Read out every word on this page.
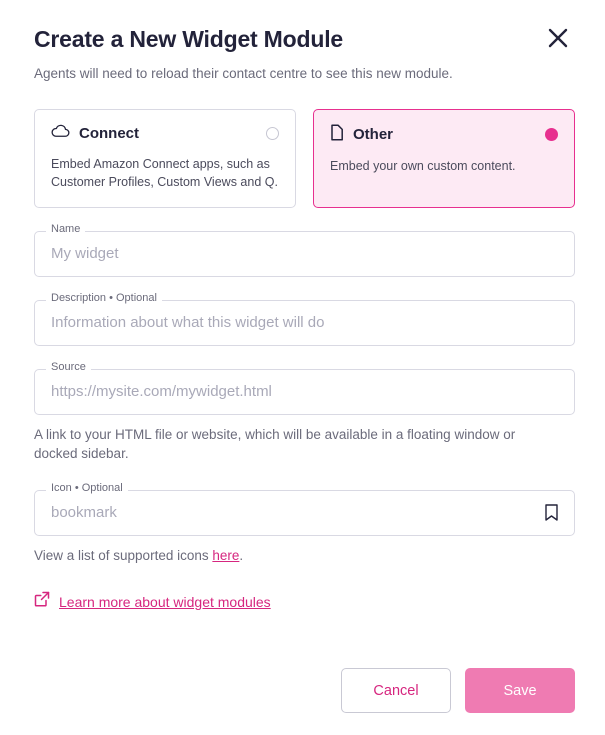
Create a New Widget Module

Agents will need to reload their contact centre to see this new module.

Connect
Embed Amazon Connect apps, such as Customer Profiles, Custom Views and Q.
Other
Embed your own custom content.
Name
My widget
Description • Optional
Information about what this widget will do
Source
https://mysite.com/mywidget.html
A link to your HTML file or website, which will be available in a floating window or docked sidebar.
Icon • Optional
bookmark
View a list of supported icons here.
Learn more about widget modules
Cancel	Save
